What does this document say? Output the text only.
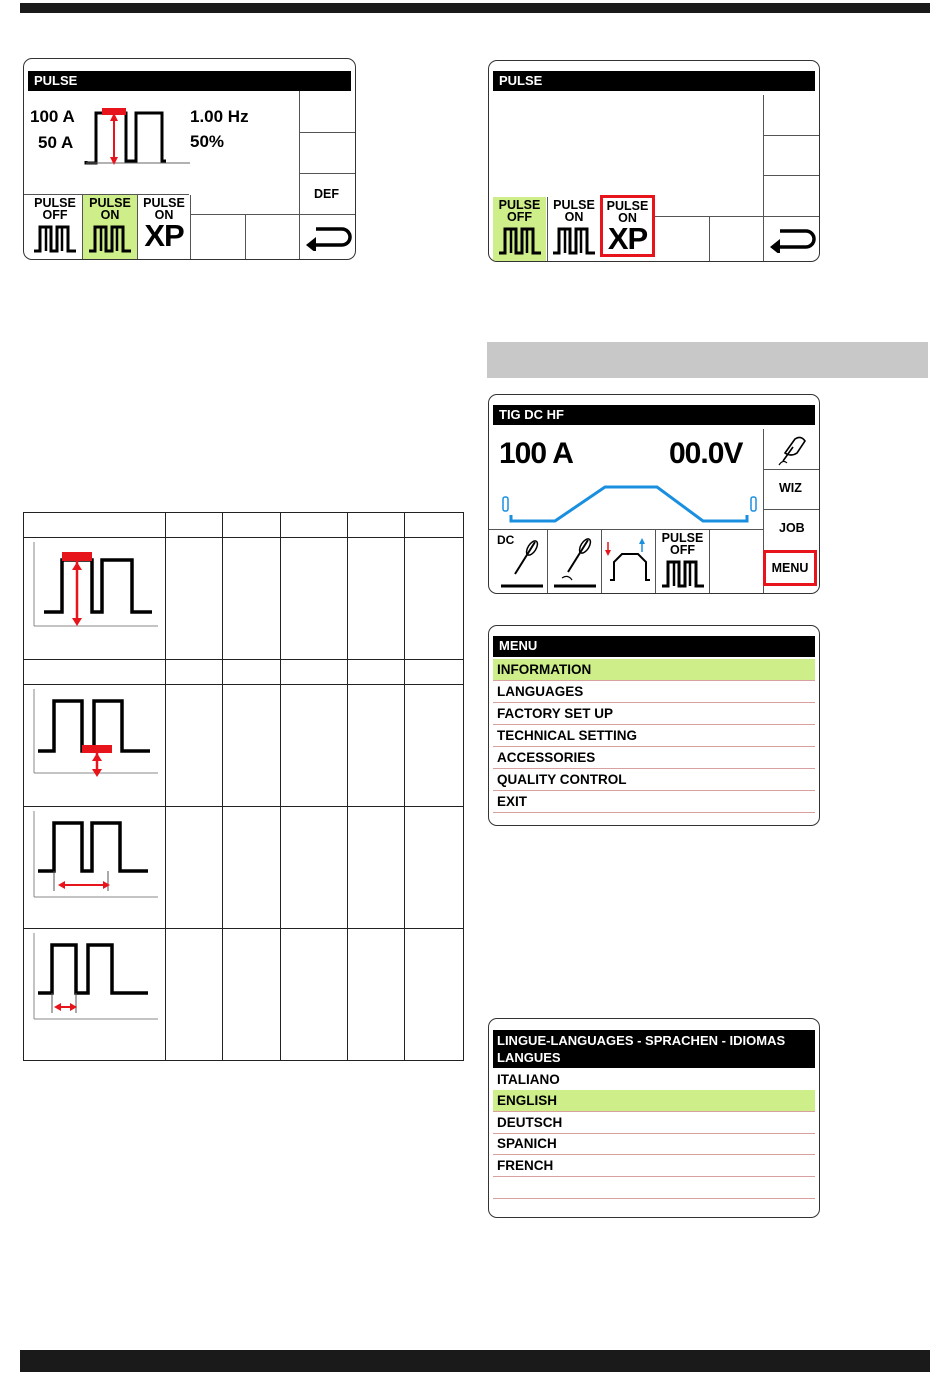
PULSE
100 A
50 A
1.00 Hz
50%
DEF
PULSE
OFF
PULSE
ON
PULSE
ON
XP
PULSE
PULSE
OFF
PULSE
ON
PULSE
ON
XP

TIG DC HF
100 A	00.0V
WIZ
JOB
MENU
DC	PULSE
OFF
MENU
INFORMATION
LANGUAGES
FACTORY SET UP
TECHNICAL SETTING
ACCESSORIES
QUALITY CONTROL
EXIT
LINGUE-LANGUAGES - SPRACHEN - IDIOMAS
LANGUES
ITALIANO
ENGLISH
DEUTSCH
SPANICH
FRENCH
